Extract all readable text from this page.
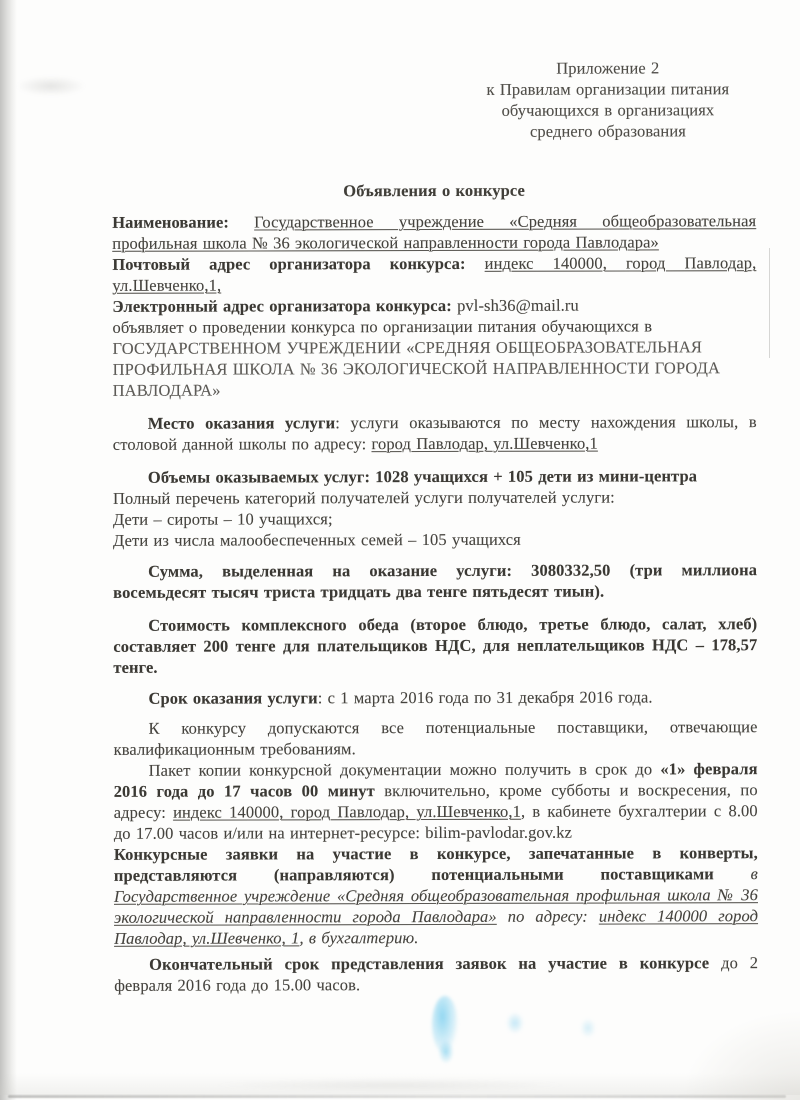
Приложение 2
к Правилам организации питания
обучающихся в организациях
среднего образования
Объявления о конкурсе

Наименование: Государственное учреждение «Средняя общеобразовательная профильная школа № 36 экологической направленности города Павлодара»

Почтовый адрес организатора конкурса: индекс 140000, город Павлодар, ул.Шевченко,1,

Электронный адрес организатора конкурса: pvl-sh36@mail.ru

объявляет о проведении конкурса по организации питания обучающихся в ГОСУДАРСТВЕННОМ УЧРЕЖДЕНИИ «СРЕДНЯЯ ОБЩЕОБРАЗОВАТЕЛЬНАЯ ПРОФИЛЬНАЯ ШКОЛА № 36 ЭКОЛОГИЧЕСКОЙ НАПРАВЛЕННОСТИ ГОРОДА ПАВЛОДАРА»

Место оказания услуги: услуги оказываются по месту нахождения школы, в столовой данной школы по адресу: город Павлодар, ул.Шевченко,1

Объемы оказываемых услуг: 1028 учащихся + 105 дети из мини-центра
Полный перечень категорий получателей услуги получателей услуги:
Дети – сироты – 10 учащихся;
Дети из числа малообеспеченных семей – 105 учащихся

Сумма, выделенная на оказание услуги: 3080332,50 (три миллиона восемьдесят тысяч триста тридцать два тенге пятьдесят тиын).

Стоимость комплексного обеда (второе блюдо, третье блюдо, салат, хлеб) составляет 200 тенге для плательщиков НДС, для неплательщиков НДС – 178,57 тенге.

Срок оказания услуги: с 1 марта 2016 года по 31 декабря 2016 года.

К конкурсу допускаются все потенциальные поставщики, отвечающие квалификационным требованиям.

Пакет копии конкурсной документации можно получить в срок до «1» февраля 2016 года до 17 часов 00 минут включительно, кроме субботы и воскресения, по адресу: индекс 140000, город Павлодар, ул.Шевченко,1, в кабинете бухгалтерии с 8.00 до 17.00 часов и/или на интернет-ресурсе: bilim-pavlodar.gov.kz

Конкурсные заявки на участие в конкурсе, запечатанные в конверты, представляются (направляются) потенциальными поставщиками в Государственное учреждение «Средняя общеобразовательная профильная школа № 36 экологической направленности города Павлодара» по адресу: индекс 140000 город Павлодар, ул.Шевченко, 1, в бухгалтерию.

Окончательный срок представления заявок на участие в конкурсе до 2 февраля 2016 года до 15.00 часов.
